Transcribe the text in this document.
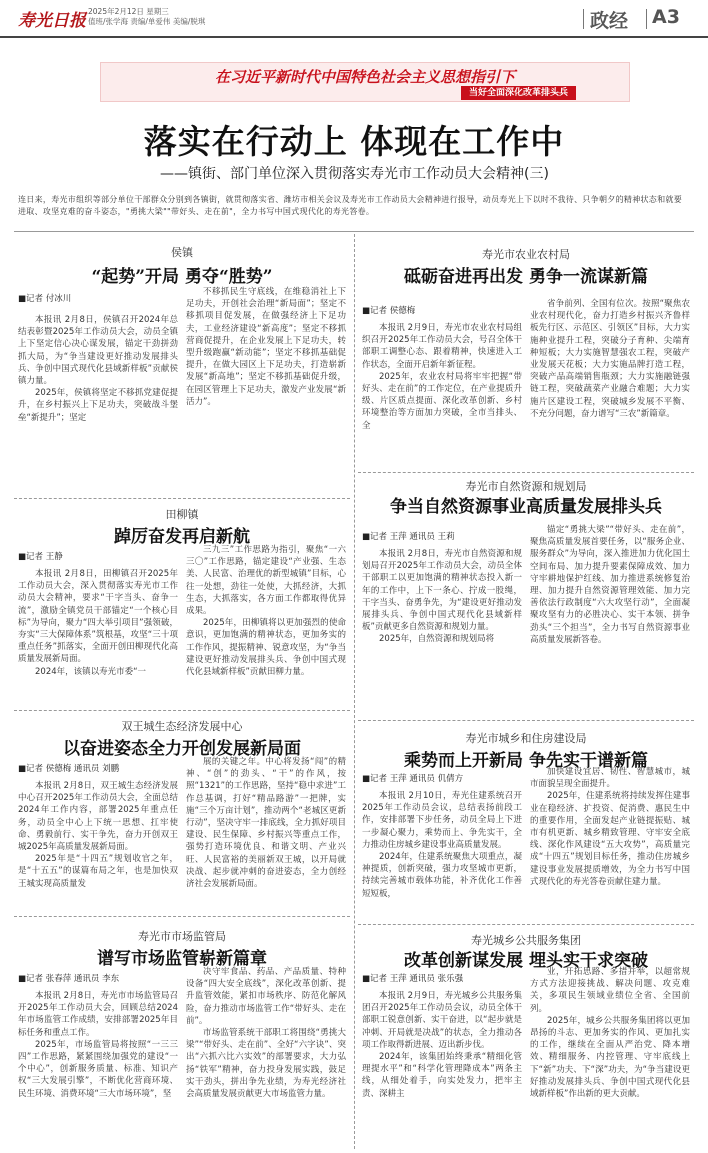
寿光日报 2025年2月12日 星期三
值班/张学海 责编/单爱伟 美编/脱琪	政经 A3
在习近平新时代中国特色社会主义思想指引下
当好全面深化改革排头兵
落实在行动上 体现在工作中
——镇街、部门单位深入贯彻落实寿光市工作动员大会精神(三)
连日来，寿光市组织等部分单位干部群众分别到各镇街，就贯彻落实省、潍坊市相关会议及寿光市工作动员大会精神进行报导，动员寿光上下以时不我待、只争朝夕的精神状态和就要进取、攻坚克难的奋斗姿态，"勇挑大梁""带好头、走在前"，全力书写中国式现代化的寿光答卷。
侯镇
“起势”开局 勇夺“胜势”
■记者 付冰川

本报讯 2月8日，侯镇召开2024年总结表彰暨2025年工作动员大会，动员全镇上下坚定信心决心谋发展，锚定干劲拼劲抓大局，为“争当建设更好推动发展排头兵、争创中国式现代化县域新样板”贡献侯镇力量。

2025年，侯镇将坚定不移抓党建促提升，在乡村振兴上下足功夫，突破战斗堡垒“新提升”；坚定

不移抓民生守底线，在维稳消社上下足功夫，开创社会治理“新局面”；坚定不移抓项目促发展，在做强经济上下足功夫，工业经济建设“新高度”；坚定不移抓营商促提升，在企业发展上下足功夫，转型升级跑赢“新动能”；坚定不移抓基础促提升，在做大园区上下足功夫，打造崭新发展“新高地”；坚定不移抓基础促升级，在园区管理上下足功夫，激发产业发展“新活力”。

田柳镇
踔厉奋发再启新航
■记者 王静

本报讯 2月8日，田柳镇召开2025年工作动员大会，深入贯彻落实寿光市工作动员大会精神，要求“干字当头、奋争一流”，激励全镇党员干部锚定“一个核心目标”为导向，聚力“四大举引项目”强领破，夯实“三大保障体系”筑根基，攻坚“三十项重点任务”抓落实，全面开创田柳现代化高质量发展新局面。

2024年，该镇以寿光市委“一

三九三”工作思路为指引，聚焦“一六三〇”工作思路，锚定建设“产业强、生态美、人民富、治理优的新型城镇”目标，心往一处想，劲往一处使，大抓经济，大抓生态，大抓落实，各方面工作都取得优异成果。

2025年，田柳镇将以更加强烈的使命意识，更加饱满的精神状态，更加务实的工作作风，提振精神、锐意攻坚，为“争当建设更好推动发展排头兵、争创中国式现代化县域新样板”贡献田柳力量。

双王城生态经济发展中心
以奋进姿态全力开创发展新局面
■记者 侯德梅 通讯员 刘鹏

本报讯 2月8日，双王城生态经济发展中心召开2025年工作动员大会，全面总结2024年工作内容，部署2025年重点任务，动员全中心上下统一思想、扛牢使命、勇毅前行、实干争先，奋力开创双王城2025年高质量发展新局面。

2025年是“十四五”规划收官之年，是“十五五”的谋篇布局之年，也是加快双王城实现高质量发

展的关键之年。中心将发扬“闯”的精神、“创”的劲头、“干”的作风，按照“1321”的工作思路，坚持“稳中求进”工作总基调，打好“精品路游”一把牌，实施“三个万亩计划”，推动两个“老城区更新行动”，坚决守牢一排底线，全力抓好项目建设、民生保障、乡村振兴等重点工作，强势打造环境优良、和谐文明、产业兴旺、人民富裕的美丽新双王城，以开局就决战、起步就冲刺的奋进姿态，全力创经济社会发展新局面。

寿光市市场监管局
谱写市场监管崭新篇章
■记者 张春萍 通讯员 李东

本报讯 2月8日，寿光市市场监管局召开2025年工作动员大会，回顾总结2024年市场监管工作成绩，安排部署2025年目标任务和重点工作。

2025年，市场监管局将按照“一三三四”工作思路，紧紧围绕加强党的建设“一个中心”，创新服务质量、标准、知识产权“三大发展引擎”，不断优化营商环境、民生环境、消费环境“三大市场环境”，坚

决守牢食品、药品、产品质量、特种设备“四大安全底线”，深化改革创新、提升监管效能，紧扣市场秩序、防范化解风险，奋力推动市场监管工作“带好头、走在前”。

市场监管系统干部职工将围绕“勇挑大梁”“带好头、走在前”、全好“六字诀”、突出“六抓六比六实效”的部署要求，大力弘扬“铁军”精神，奋力投身发展实践，鼓足实干劲头，拼出争先业绩，为寿光经济社会高质量发展贡献更大市场监管力量。

寿光市农业农村局
砥砺奋进再出发 勇争一流谋新篇
■记者 侯德梅

本报讯 2月9日，寿光市农业农村局组织召开2025年工作动员大会，号召全体干部职工调整心态、跟着精神，快速进入工作状态，全面开启新年新征程。

2025年，农业农村局将牢牢把握“带好头、走在前”的工作定位，在产业提质升级、片区质点提面、深化改革创新、乡村环境整治等方面加力突破，全市当排头、全

省争前列、全国有位次。按照“聚焦农业农村现代化，奋力打造乡村振兴齐鲁样板先行区、示范区、引领区”目标，大力实施种业提升工程，突破分子育种、尖端育种短板；大力实施智慧强农工程，突破产业发展天花板；大力实施品牌打造工程，突破产品高端销售瓶颈；大力实施融链强链工程，突破蔬菜产业融合难题；大力实施片区建设工程，突破城乡发展不平衡、不充分问题，奋力谱写“三农”新篇章。

寿光市自然资源和规划局
争当自然资源事业高质量发展排头兵
■记者 王萍 通讯员 王莉

本报讯 2月8日，寿光市自然资源和规划局召开2025年工作动员大会，动员全体干部职工以更加饱满的精神状态投入新一年的工作中，上下一条心、拧成一股绳，干字当头、奋勇争先，为“建设更好推动发展排头兵、争创中国式现代化县域新样板”贡献更多自然资源和规划力量。

2025年，自然资源和规划局将

锚定“勇挑大梁”“带好头、走在前”，聚焦高质量发展首要任务，以“服务企业、服务群众”为导向，深入推进加力优化国土空间布局、加力提升要素保障成效、加力守牢耕地保护红线、加力推进系统修复治理、加力提升自然资源管理效能、加力完善依法行政制度“六大攻坚行动”，全面凝聚攻坚有力的必胜决心、实干本领、拼争劲头“三个担当”，全力书写自然资源事业高质量发展新答卷。

寿光市城乡和住房建设局
乘势而上开新局 争先实干谱新篇
■记者 王萍 通讯员 仉倩方

本报讯 2月10日，寿光住建系统召开2025年工作动员会议，总结表扬前段工作，安排部署下步任务，动员全局上下进一步凝心聚力，乘势而上、争先实干，全力推动住房城乡建设事业高质量发展。

2024年，住建系统聚焦大项重点，凝神提质，创新突破，强力攻坚城市更新，持续完善城市载体功能，补齐优化工作善短短板，

加快建设宜居、韧性、智慧城市，城市面貌呈现全面提升。

2025年，住建系统将持续发挥住建事业在稳经济、扩投资、促消费、惠民生中的重要作用，全面发起产业链提振贴、城市有机更新、城乡精致管理、守牢安全底线、深化作风建设“五大攻势”，高质量完成“十四五”规划目标任务，推动住房城乡建设事业发展提质增效，为全力书写中国式现代化的寿光答卷贡献住建力量。

寿光城乡公共服务集团
改革创新谋发展 埋头实干求突破
■记者 王萍 通讯员 张乐强

本报讯 2月9日，寿光城乡公共服务集团召开2025年工作动员会议，动员全体干部职工锐意创新、实干奋进，以“起步就是冲刺、开局就是决战”的状态，全力推动各项工作取得新进展、迈出新步伐。

2024年，该集团始终秉承“精细化管理提水平”和“科学化管理降成本”两条主线，从细处着手，向实处发力，把牢主责、深耕主

业，开拓思路、多措并举，以超常规方式方法迎接挑战、解决问题、攻克难关，多项民生领域业绩位全省、全国前列。

2025年，城乡公共服务集团将以更加昂扬的斗志、更加务实的作风、更加扎实的工作，继续在全面从严治党、降本增效、精细服务、内控管理、守牢底线上下“新”功夫、下“深”功夫，为“争当建设更好推动发展排头兵、争创中国式现代化县域新样板”作出新的更大贡献。
